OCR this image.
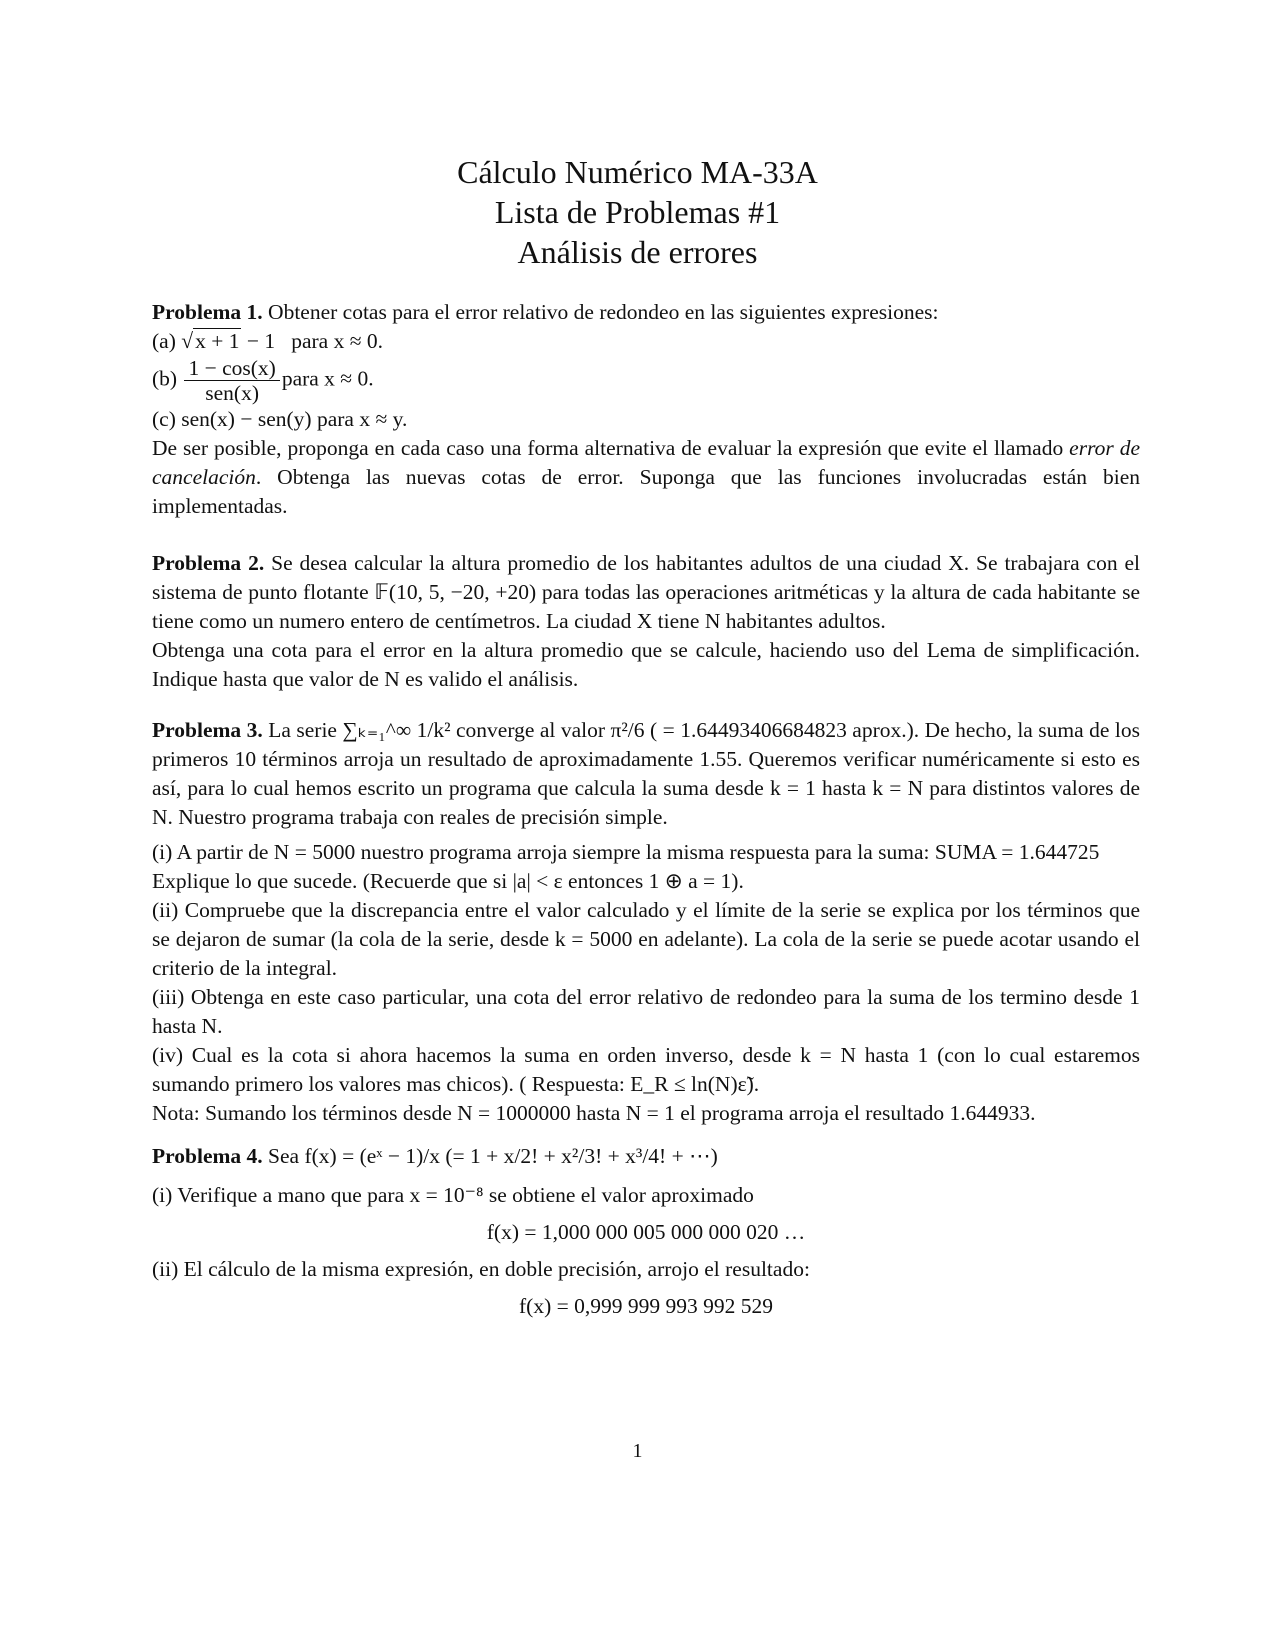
Cálculo Numérico MA-33A
Lista de Problemas #1
Análisis de errores
Problema 1. Obtener cotas para el error relativo de redondeo en las siguientes expresiones:
(a) √x + 1 − 1   para x ≈ 0.
$(b) \frac{1 - \cos(x)}{\text{sen(x)}}$ para x ≈ 0.
(c) sen(x) − sen(y) para x ≈ y.
De ser posible, proponga en cada caso una forma alternativa de evaluar la expresión que evite el llamado error de cancelación. Obtenga las nuevas cotas de error. Suponga que las funciones involucradas están bien implementadas.
Problema 2. Se desea calcular la altura promedio de los habitantes adultos de una ciudad X. Se trabajara con el sistema de punto flotante 𝔽(10, 5, −20, +20) para todas las operaciones aritméticas y la altura de cada habitante se tiene como un numero entero de centímetros. La ciudad X tiene N habitantes adultos.
Obtenga una cota para el error en la altura promedio que se calcule, haciendo uso del Lema de simplificación. Indique hasta que valor de N es valido el análisis.
Problema 3. La serie ∑ₖ₌₁^∞ 1/k² converge al valor π²/6 ( = 1.64493406684823 aprox.). De hecho, la suma de los primeros 10 términos arroja un resultado de aproximadamente 1.55. Queremos verificar numéricamente si esto es así, para lo cual hemos escrito un programa que calcula la suma desde k = 1 hasta k = N para distintos valores de N. Nuestro programa trabaja con reales de precisión simple.
(i) A partir de N = 5000 nuestro programa arroja siempre la misma respuesta para la suma: SUMA = 1.644725
Explique lo que sucede. (Recuerde que si |a| < ε entonces 1 ⊕ a = 1).
(ii) Compruebe que la discrepancia entre el valor calculado y el límite de la serie se explica por los términos que se dejaron de sumar (la cola de la serie, desde k = 5000 en adelante). La cola de la serie se puede acotar usando el criterio de la integral.
(iii) Obtenga en este caso particular, una cota del error relativo de redondeo para la suma de los termino desde 1 hasta N.
(iv) Cual es la cota si ahora hacemos la suma en orden inverso, desde k = N hasta 1 (con lo cual estaremos sumando primero los valores mas chicos). ( Respuesta: E_R ≤ ln(N)ε̃).
Nota: Sumando los términos desde N = 1000000 hasta N = 1 el programa arroja el resultado 1.644933.
Problema 4. Sea f(x) = (eˣ − 1)/x (= 1 + x/2! + x²/3! + x³/4! + ⋯)
(i) Verifique a mano que para x = 10⁻⁸ se obtiene el valor aproximado
f(x) = 1,000 000 005 000 000 020 …
(ii) El cálculo de la misma expresión, en doble precisión, arrojo el resultado:
f(x) = 0,999 999 993 992 529
1
